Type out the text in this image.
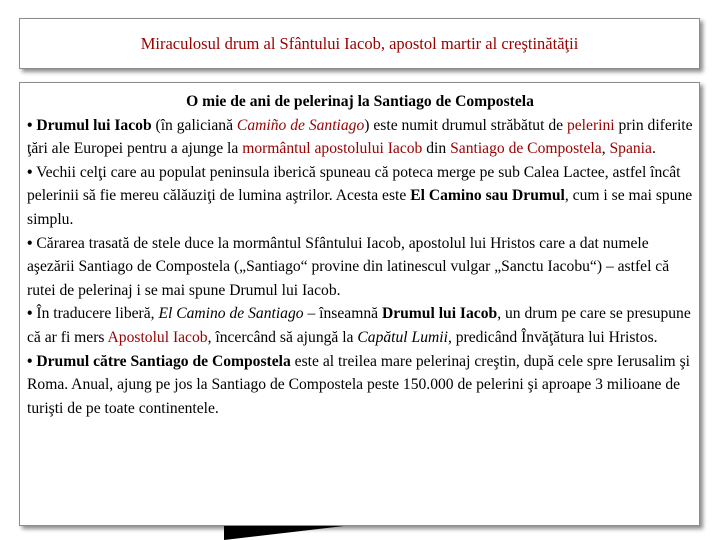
Miraculosul drum al Sfântului Iacob, apostol martir al creştinătăţii
O mie de ani de pelerinaj la Santiago de Compostela

• Drumul lui Iacob (în galiciană Camiño de Santiago) este numit drumul străbătut de pelerini prin diferite ţări ale Europei pentru a ajunge la mormântul apostolului Iacob din Santiago de Compostela, Spania.

• Vechii celţi care au populat peninsula iberică spuneau că poteca merge pe sub Calea Lactee, astfel încât pelerinii să fie mereu călăuziţi de lumina aştrilor. Acesta este El Camino sau Drumul, cum i se mai spune simplu.

• Cărarea trasată de stele duce la mormântul Sfântului Iacob, apostolul lui Hristos care a dat numele aşezării Santiago de Compostela („Santiago“ provine din latinescul vulgar „Sanctu Iacobu“) – astfel că rutei de pelerinaj i se mai spune Drumul lui Iacob.

• În traducere liberă, El Camino de Santiago – înseamnă Drumul lui Iacob, un drum pe care se presupune că ar fi mers Apostolul Iacob, încercând să ajungă la Capătul Lumii, predicând Învăţătura lui Hristos.

• Drumul către Santiago de Compostela este al treilea mare pelerinaj creştin, după cele spre Ierusalim şi Roma. Anual, ajung pe jos la Santiago de Compostela peste 150.000 de pelerini şi aproape 3 milioane de turişti de pe toate continentele.
